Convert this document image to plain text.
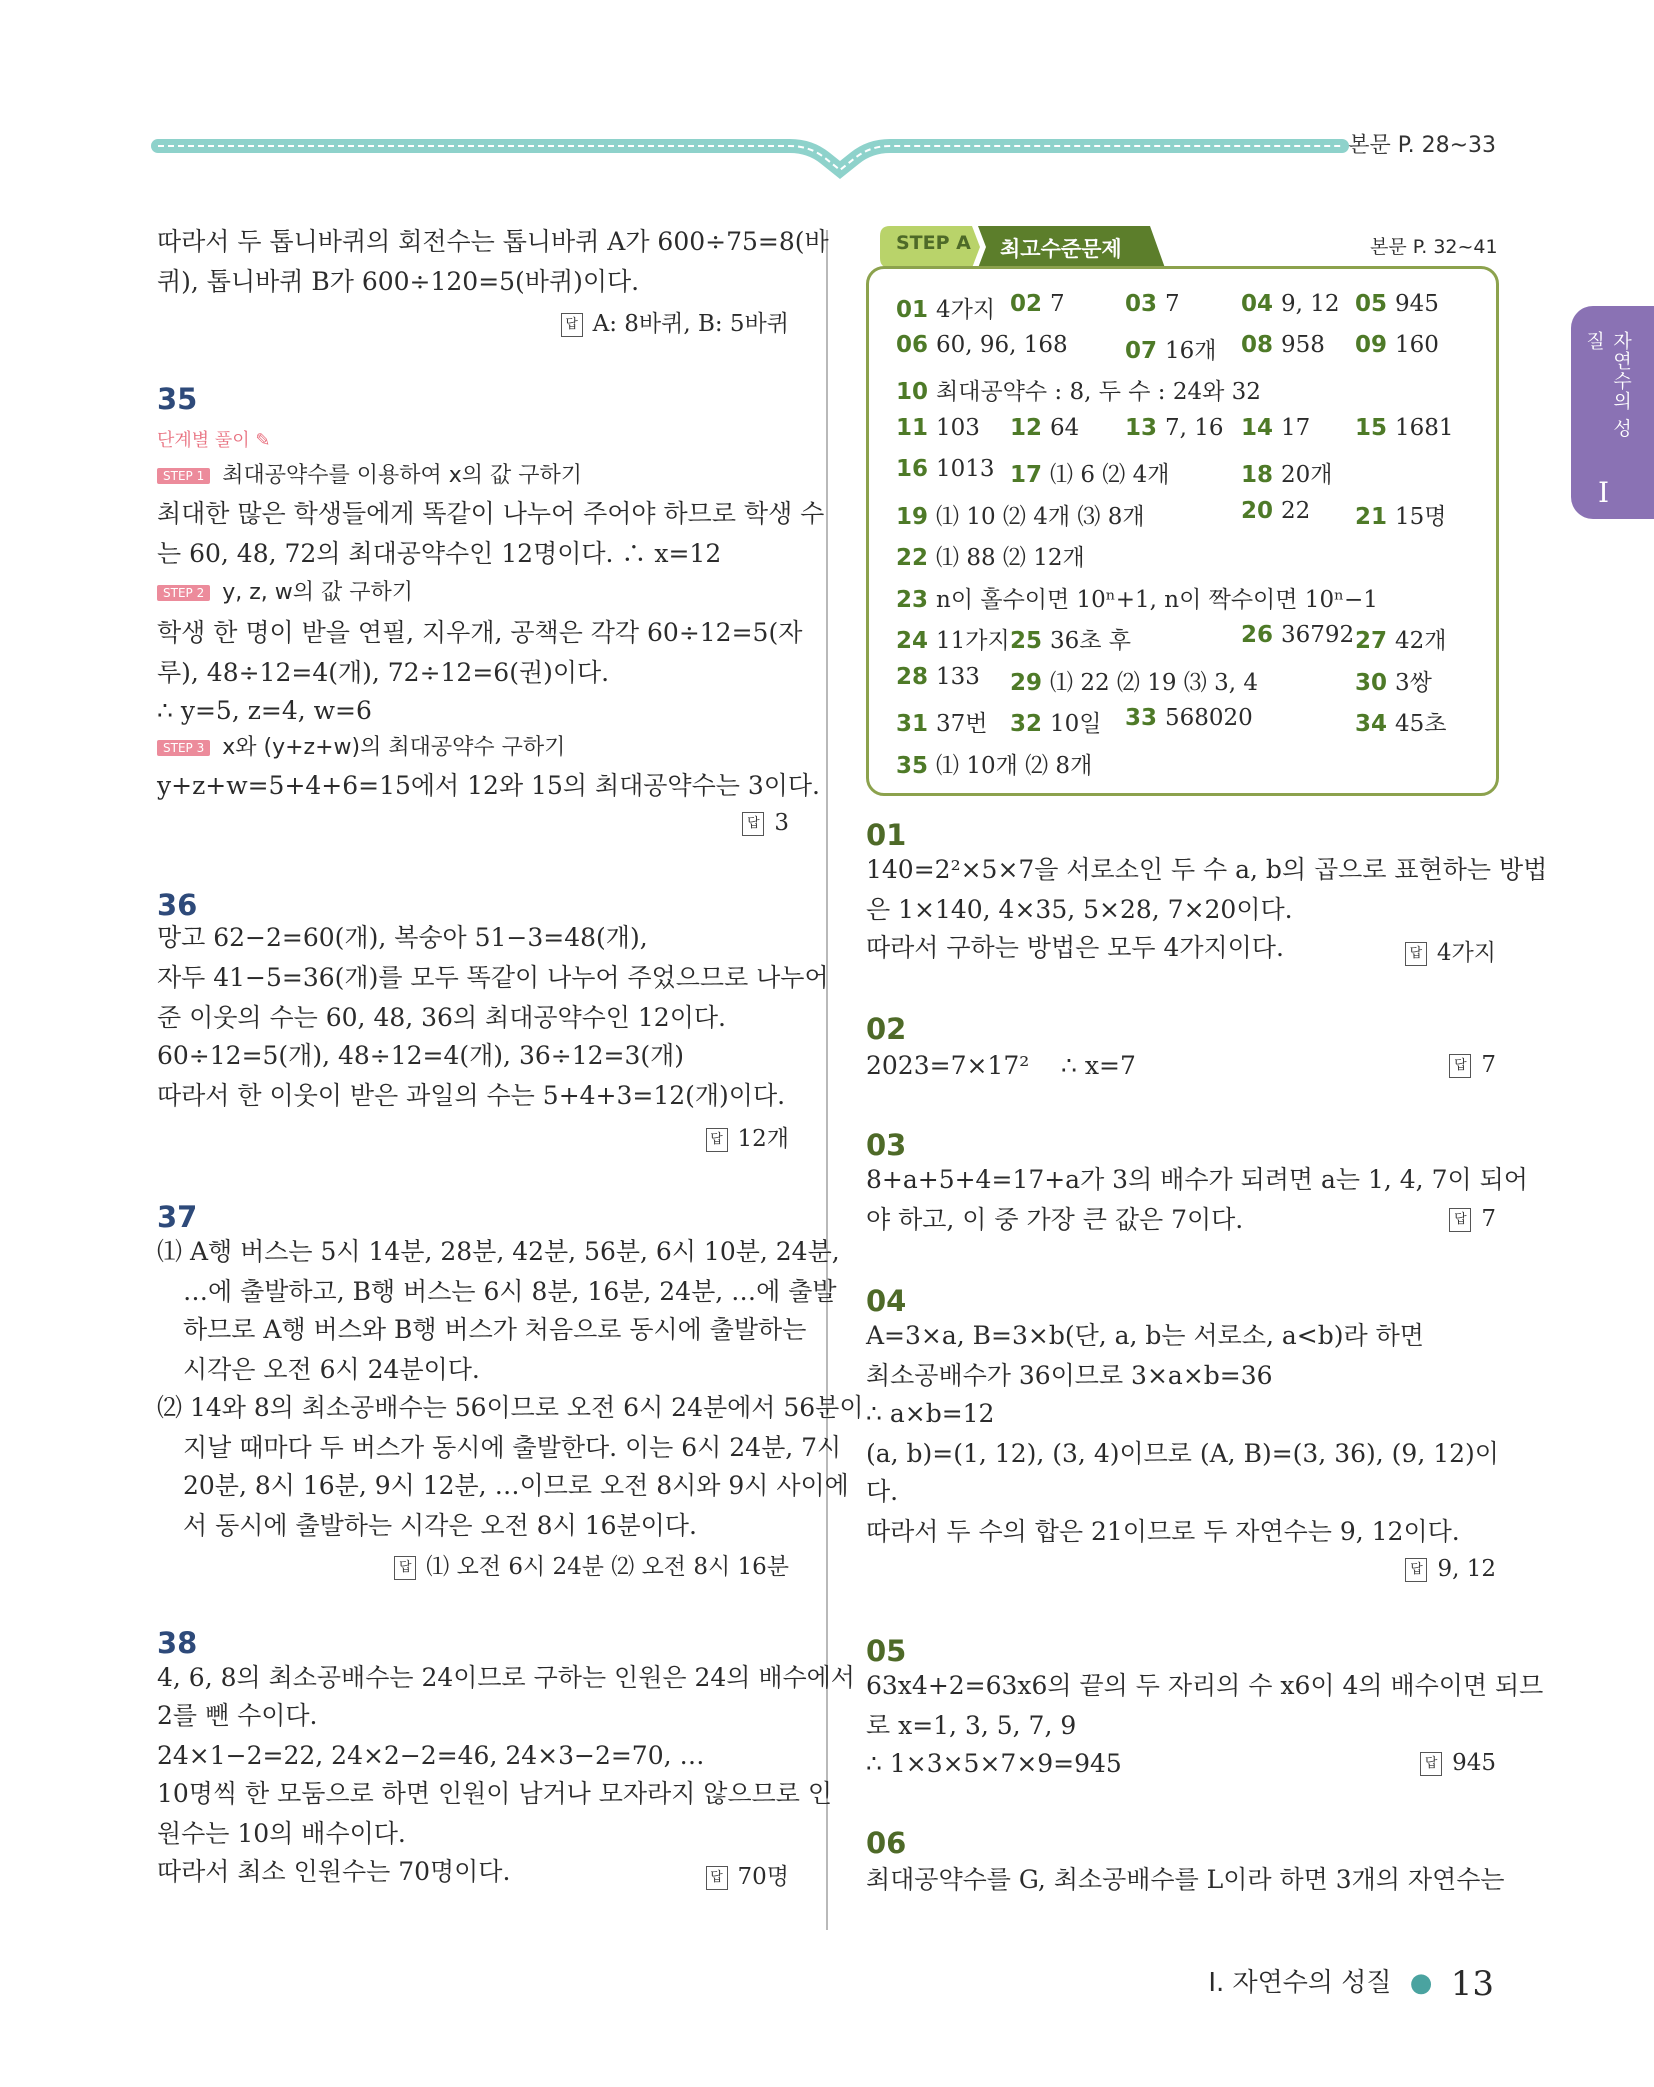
본문 P. 28~33
자연수의 성질
I
따라서 두 톱니바퀴의 회전수는 톱니바퀴 A가 600÷75=8(바
퀴), 톱니바퀴 B가 600÷120=5(바퀴)이다.
답 A: 8바퀴, B: 5바퀴
35
단계별 풀이 ✎
STEP 1 최대공약수를 이용하여 x의 값 구하기
최대한 많은 학생들에게 똑같이 나누어 주어야 하므로 학생 수
는 60, 48, 72의 최대공약수인 12명이다. ∴ x=12
STEP 2 y, z, w의 값 구하기
학생 한 명이 받을 연필, 지우개, 공책은 각각 60÷12=5(자
루), 48÷12=4(개), 72÷12=6(권)이다.
∴ y=5, z=4, w=6
STEP 3 x와 (y+z+w)의 최대공약수 구하기
y+z+w=5+4+6=15에서 12와 15의 최대공약수는 3이다.
답 3
36
망고 62−2=60(개), 복숭아 51−3=48(개),
자두 41−5=36(개)를 모두 똑같이 나누어 주었으므로 나누어
준 이웃의 수는 60, 48, 36의 최대공약수인 12이다.
60÷12=5(개), 48÷12=4(개), 36÷12=3(개)
따라서 한 이웃이 받은 과일의 수는 5+4+3=12(개)이다.
답 12개
37
⑴ A행 버스는 5시 14분, 28분, 42분, 56분, 6시 10분, 24분,
…에 출발하고, B행 버스는 6시 8분, 16분, 24분, …에 출발
하므로 A행 버스와 B행 버스가 처음으로 동시에 출발하는
시각은 오전 6시 24분이다.
⑵ 14와 8의 최소공배수는 56이므로 오전 6시 24분에서 56분이
지날 때마다 두 버스가 동시에 출발한다. 이는 6시 24분, 7시
20분, 8시 16분, 9시 12분, …이므로 오전 8시와 9시 사이에
서 동시에 출발하는 시각은 오전 8시 16분이다.
답 ⑴ 오전 6시 24분 ⑵ 오전 8시 16분
38
4, 6, 8의 최소공배수는 24이므로 구하는 인원은 24의 배수에서
2를 뺀 수이다.
24×1−2=22, 24×2−2=46, 24×3−2=70, …
10명씩 한 모둠으로 하면 인원이 남거나 모자라지 않으므로 인
원수는 10의 배수이다.
따라서 최소 인원수는 70명이다.	답 70명
STEP A 최고수준문제	본문 P. 32~41
01 4가지 02 7	03 7	04 9, 12 05 945
06 60, 96, 168 07 16개 08 958 09 160
10 최대공약수 : 8, 두 수 : 24와 32
11 103 12 64 13 7, 16 14 17 15 1681
16 1013 17 ⑴ 6 ⑵ 4개	18 20개
19 ⑴ 10 ⑵ 4개 ⑶ 8개	20 22 21 15명
22 ⑴ 88 ⑵ 12개
23 n이 홀수이면 10ⁿ+1, n이 짝수이면 10ⁿ−1
24 11가지 25 36초 후	26 36792 27 42개
28 133 29 ⑴ 22 ⑵ 19 ⑶ 3, 4	30 3쌍
31 37번 32 10일 33 568020	34 45초
35 ⑴ 10개 ⑵ 8개
01
140=2²×5×7을 서로소인 두 수 a, b의 곱으로 표현하는 방법
은 1×140, 4×35, 5×28, 7×20이다.
따라서 구하는 방법은 모두 4가지이다.	답 4가지
02
2023=7×17²    ∴ x=7	답 7
03
8+a+5+4=17+a가 3의 배수가 되려면 a는 1, 4, 7이 되어
야 하고, 이 중 가장 큰 값은 7이다.	답 7
04
A=3×a, B=3×b(단, a, b는 서로소, a<b)라 하면
최소공배수가 36이므로 3×a×b=36
∴ a×b=12
(a, b)=(1, 12), (3, 4)이므로 (A, B)=(3, 36), (9, 12)이
다.
따라서 두 수의 합은 21이므로 두 자연수는 9, 12이다.
답 9, 12
05
63x4+2=63x6의 끝의 두 자리의 수 x6이 4의 배수이면 되므
로 x=1, 3, 5, 7, 9
∴ 1×3×5×7×9=945	답 945
06
최대공약수를 G, 최소공배수를 L이라 하면 3개의 자연수는
I. 자연수의 성질 ● 13
